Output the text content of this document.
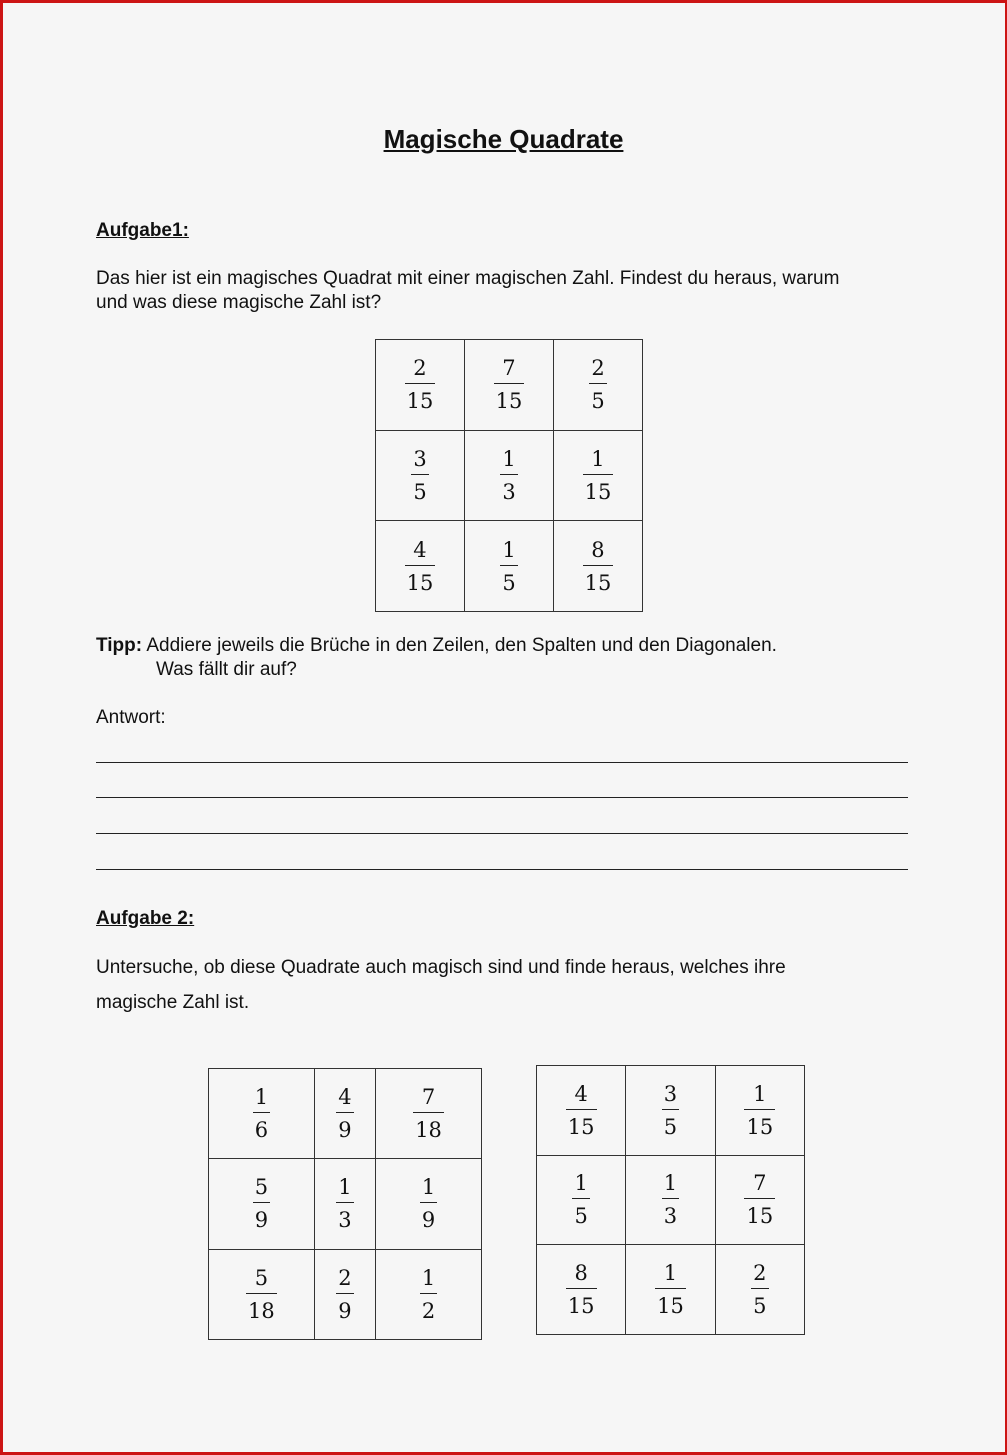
Magische Quadrate
Aufgabe1:
Das hier ist ein magisches Quadrat mit einer magischen Zahl. Findest du heraus, warum
und was diese magische Zahl ist?
$\frac{2}{15}$	$\frac{7}{15}$	$\frac{2}{5}$

$\frac{3}{5}$	$\frac{1}{3}$	$\frac{1}{15}$

$\frac{4}{15}$	$\frac{1}{5}$	$\frac{8}{15}$
Tipp: Addiere jeweils die Brüche in den Zeilen, den Spalten und den Diagonalen.
Was fällt dir auf?
Antwort:
Aufgabe 2:
Untersuche, ob diese Quadrate auch magisch sind und finde heraus, welches ihre
magische Zahl ist.
$\frac{1}{6}$	$\frac{4}{9}$	$\frac{7}{18}$

$\frac{5}{9}$	$\frac{1}{3}$	$\frac{1}{9}$

$\frac{5}{18}$	$\frac{2}{9}$	$\frac{1}{2}$
$\frac{4}{15}$	$\frac{3}{5}$	$\frac{1}{15}$

$\frac{1}{5}$	$\frac{1}{3}$	$\frac{7}{15}$

$\frac{8}{15}$	$\frac{1}{15}$	$\frac{2}{5}$
